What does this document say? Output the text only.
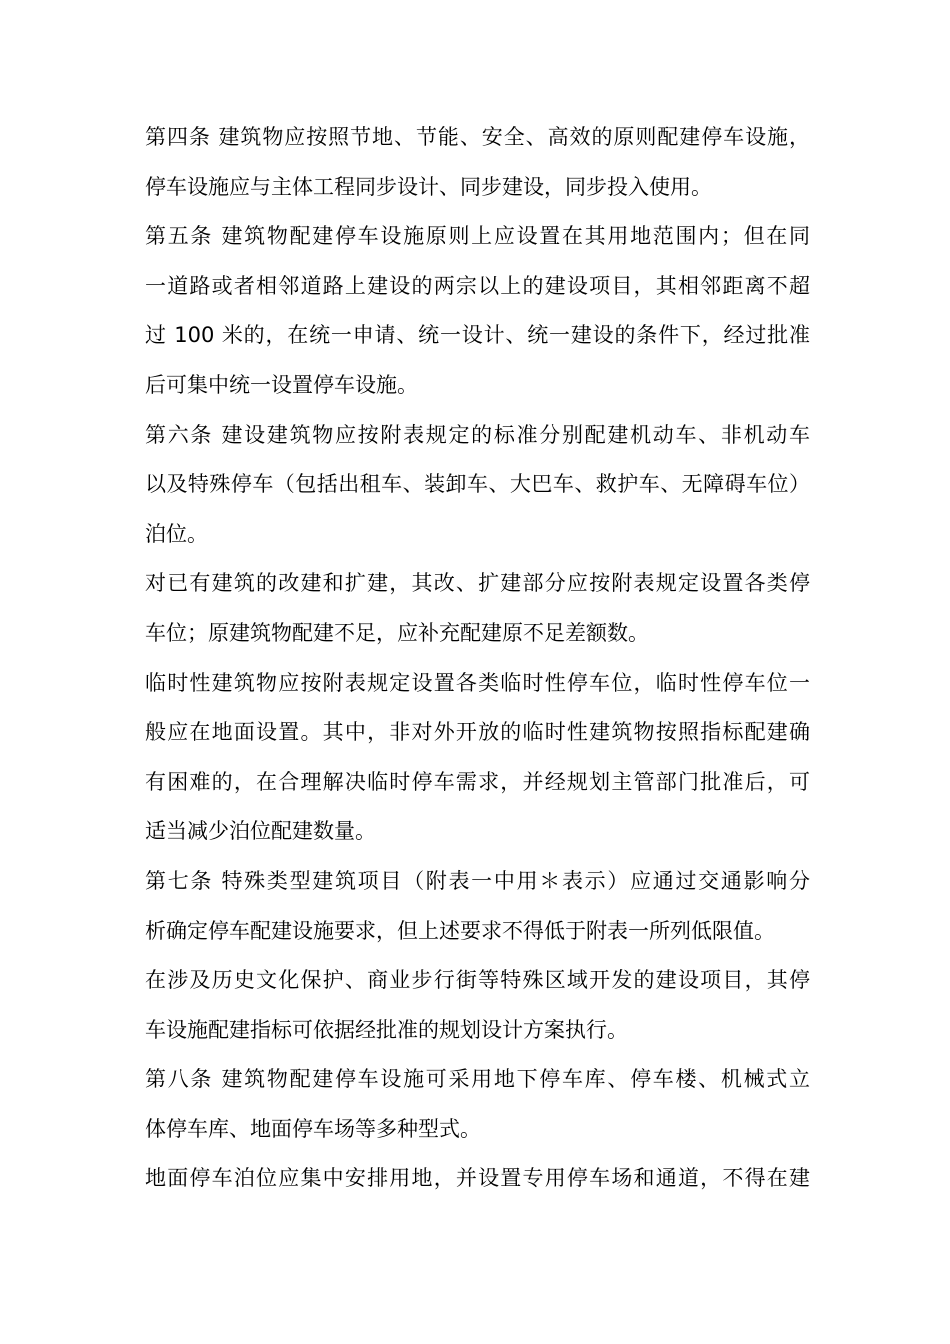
第四条 建筑物应按照节地、节能、安全、高效的原则配建停车设施，
停车设施应与主体工程同步设计、同步建设，同步投入使用。
第五条 建筑物配建停车设施原则上应设置在其用地范围内；但在同
一道路或者相邻道路上建设的两宗以上的建设项目，其相邻距离不超
过 100 米的，在统一申请、统一设计、统一建设的条件下，经过批准
后可集中统一设置停车设施。
第六条 建设建筑物应按附表规定的标准分别配建机动车、非机动车
以及特殊停车（包括出租车、装卸车、大巴车、救护车、无障碍车位）
泊位。
对已有建筑的改建和扩建，其改、扩建部分应按附表规定设置各类停
车位；原建筑物配建不足，应补充配建原不足差额数。
临时性建筑物应按附表规定设置各类临时性停车位，临时性停车位一
般应在地面设置。其中，非对外开放的临时性建筑物按照指标配建确
有困难的，在合理解决临时停车需求，并经规划主管部门批准后，可
适当减少泊位配建数量。
第七条 特殊类型建筑项目（附表一中用＊表示）应通过交通影响分
析确定停车配建设施要求，但上述要求不得低于附表一所列低限值。
在涉及历史文化保护、商业步行街等特殊区域开发的建设项目，其停
车设施配建指标可依据经批准的规划设计方案执行。
第八条 建筑物配建停车设施可采用地下停车库、停车楼、机械式立
体停车库、地面停车场等多种型式。
地面停车泊位应集中安排用地，并设置专用停车场和通道，不得在建
